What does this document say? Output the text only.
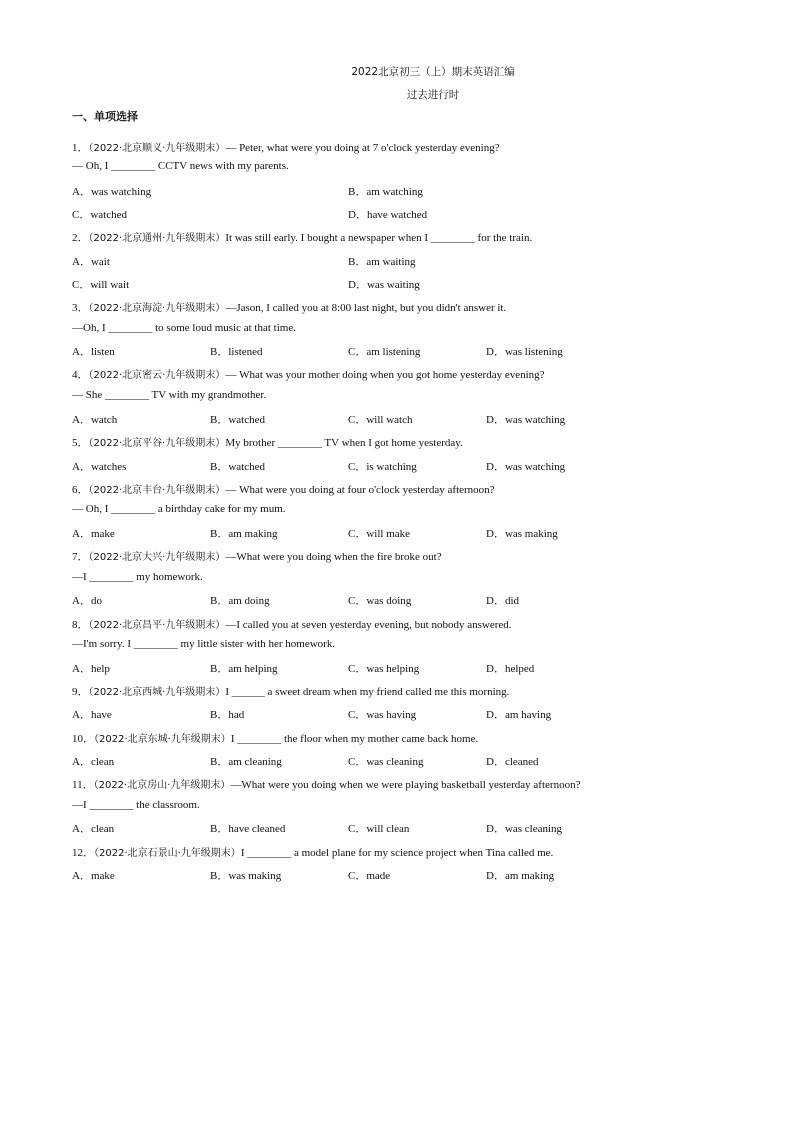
2022北京初三（上）期末英语汇编
过去进行时
一、单项选择
1．（2022·北京顺义·九年级期末）— Peter, what were you doing at 7 o'clock yesterday evening?
— Oh, I ________ CCTV news with my parents.
A．was watching	B．am watching
C．watched	D．have watched
2．（2022·北京通州·九年级期末）It was still early. I bought a newspaper when I ________ for the train.
A．wait	B．am waiting
C．will wait	D．was waiting
3．（2022·北京海淀·九年级期末）—Jason, I called you at 8:00 last night, but you didn't answer it.
—Oh, I ________ to some loud music at that time.
A．listen	B．listened	C．am listening	D．was listening
4．（2022·北京密云·九年级期末）— What was your mother doing when you got home yesterday evening?
— She ________ TV with my grandmother.
A．watch	B．watched	C．will watch	D．was watching
5．（2022·北京平谷·九年级期末）My brother ________ TV when I got home yesterday.
A．watches	B．watched	C．is watching	D．was watching
6．（2022·北京丰台·九年级期末）— What were you doing at four o'clock yesterday afternoon?
— Oh, I ________ a birthday cake for my mum.
A．make	B．am making	C．will make	D．was making
7．（2022·北京大兴·九年级期末）—What were you doing when the fire broke out?
—I ________ my homework.
A．do	B．am doing	C．was doing	D．did
8．（2022·北京昌平·九年级期末）—I called you at seven yesterday evening, but nobody answered.
—I'm sorry. I ________ my little sister with her homework.
A．help	B．am helping	C．was helping	D．helped
9．（2022·北京西城·九年级期末）I ______ a sweet dream when my friend called me this morning.
A．have	B．had	C．was having	D．am having
10．（2022·北京东城·九年级期末）I ________ the floor when my mother came back home.
A．clean	B．am cleaning	C．was cleaning	D．cleaned
11．（2022·北京房山·九年级期末）—What were you doing when we were playing basketball yesterday afternoon?
—I ________ the classroom.
A．clean	B．have cleaned	C．will clean	D．was cleaning
12．（2022·北京石景山·九年级期末）I ________ a model plane for my science project when Tina called me.
A．make	B．was making	C．made	D．am making
